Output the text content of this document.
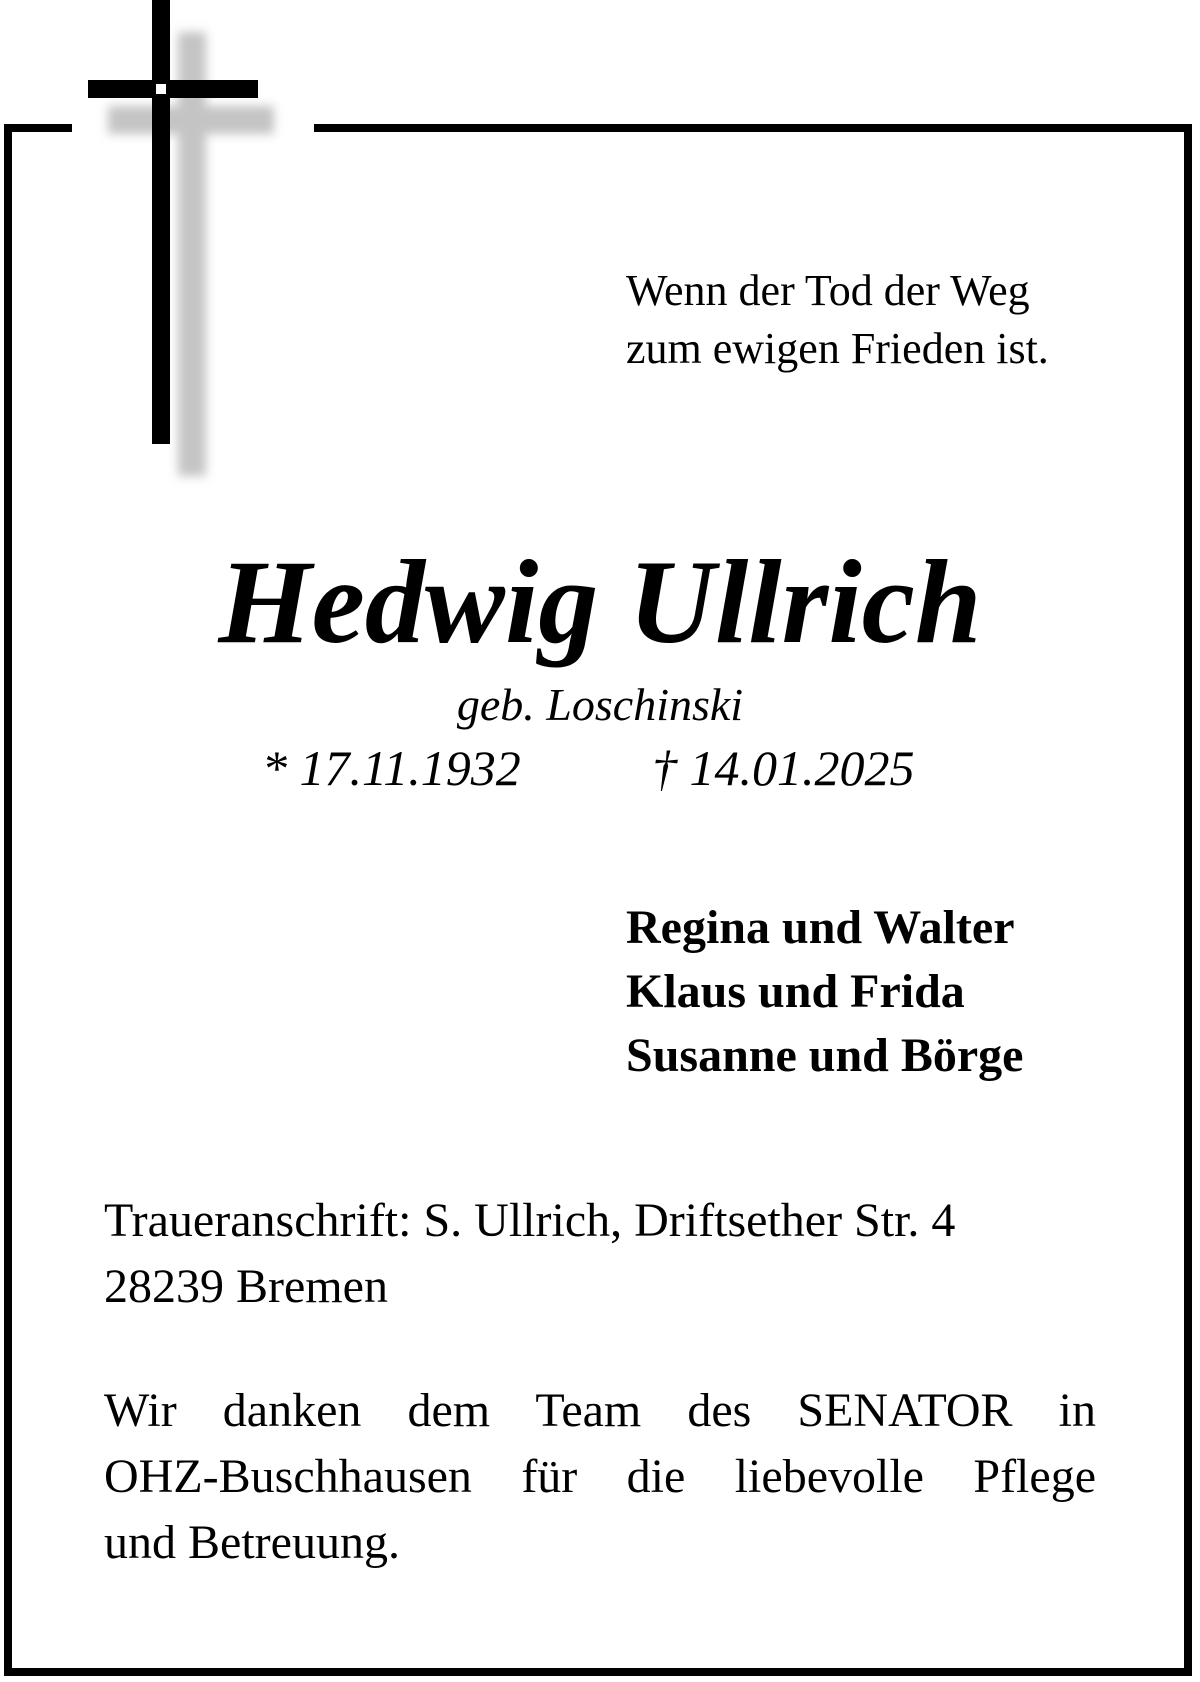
Wenn der Tod der Weg
zum ewigen Frieden ist.
Hedwig Ullrich
geb. Loschinski
* 17.11.1932	† 14.01.2025
Regina und Walter
Klaus und Frida
Susanne und Börge
Traueranschrift: S. Ullrich, Driftsether Str. 4
28239 Bremen
Wir danken dem Team des SENATOR in
OHZ-Buschhausen für die liebevolle Pflege
und Betreuung.
